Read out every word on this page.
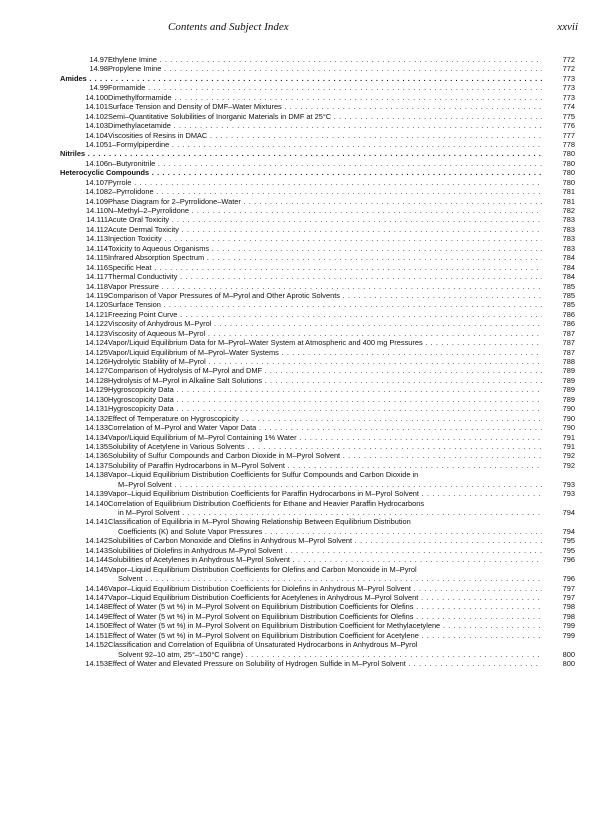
Contents and Subject Index	xxvii
14.97 Ethylene Imine . . .	772
14.98 Propylene Imine . . .	772
Amides . . .	773
14.99 Formamide . . .	773
14.100 Dimethylformamide . . .	773
14.101 Surface Tension and Density of DMF–Water Mixtures . . .	774
14.102 Semi–Quantitative Solubilities of Inorganic Materials in DMF at 25°C . . .	775
14.103 Dimethylacetamide . . .	776
14.104 Viscosities of Resins in DMAC . . .	777
14.105 1–Formylpiperdine . . .	778
Nitriles . . .	780
14.106 n–Butyronitrile . . .	780
Heterocyclic Compounds . . .	780
14.107 Pyrrole . . .	780
14.108 2–Pyrrolidone . . .	781
14.109 Phase Diagram for 2–Pyrrolidone–Water . . .	781
14.110 N–Methyl–2–Pyrrolidone . . .	782
14.111 Acute Oral Toxicity . . .	783
14.112 Acute Dermal Toxicity . . .	783
14.113 Injection Toxicity . . .	783
14.114 Toxicity to Aqueous Organisms . . .	783
14.115 Infrared Absorption Spectrum . . .	784
14.116 Specific Heat . . .	784
14.117 Thermal Conductivity . . .	784
14.118 Vapor Pressure . . .	785
14.119 Comparison of Vapor Pressures of M–Pyrol and Other Aprotic Solvents . . .	785
14.120 Surface Tension . . .	785
14.121 Freezing Point Curve . . .	786
14.122 Viscosity of Anhydrous M–Pyrol . . .	786
14.123 Viscosity of Aqueous M–Pyrol . . .	787
14.124 Vapor/Liquid Equilibrium Data for M–Pyrol–Water System at Atmospheric and 400 mg Pressures . . .	787
14.125 Vapor/Liquid Equilibrium of M–Pyrol–Water Systems . . .	787
14.126 Hydrolytic Stability of M–Pyrol . . .	788
14.127 Comparison of Hydrolysis of M–Pyrol and DMF . . .	789
14.128 Hydrolysis of M–Pyrol in Alkaline Salt Solutions . . .	789
14.129 Hygroscopicity Data . . .	789
14.130 Hygroscopicity Data . . .	789
14.131 Hygroscopicity Data . . .	790
14.132 Effect of Temperature on Hygroscopicity . . .	790
14.133 Correlation of M–Pyrol and Water Vapor Data . . .	790
14.134 Vapor/Liquid Equilibrium of M–Pyrol Containing 1% Water . . .	791
14.135 Solubility of Acetylene in Various Solvents . . .	791
14.136 Solubility of Sulfur Compounds and Carbon Dioxide in M–Pyrol Solvent . . .	792
14.137 Solubility of Paraffin Hydrocarbons in M–Pyrol Solvent . . .	792
14.138 Vapor–Liquid Equilibrium Distribution Coefficients for Sulfur Compounds and Carbon Dioxide in
M–Pyrol Solvent . . .	793
14.139 Vapor–Liquid Equilibrium Distribution Coefficients for Paraffin Hydrocarbons in M–Pyrol Solvent . . .	793
14.140 Correlation of Equilibrium Distribution Coefficients for Ethane and Heavier Paraffin Hydrocarbons
in M–Pyrol Solvent . . .	794
14.141 Classification of Equilibria in M–Pyrol Showing Relationship Between Equilibrium Distribution
Coefficients (K) and Solute Vapor Pressures . . .	794
14.142 Solubilities of Carbon Monoxide and Olefins in Anhydrous M–Pyrol Solvent . . .	795
14.143 Solubilities of Diolefins in Anhydrous M–Pyrol Solvent . . .	795
14.144 Solubilities of Acetylenes in Anhydrous M–Pyrol Solvent . . .	796
14.145 Vapor–Liquid Equilibrium Distribution Coefficients for Olefins and Carbon Monoxide in M–Pyrol
Solvent . . .	796
14.146 Vapor–Liquid Equilibrium Distribution Coefficients for Diolefins in Anhydrous M–Pyrol Solvent . . .	797
14.147 Vapor–Liquid Equilibrium Distribution Coefficients for Acetylenes in Anhydrous M–Pyrol Solvent . . .	797
14.148 Effect of Water (5 wt %) in M–Pyrol Solvent on Equilibrium Distribution Coefficients for Olefins . . .	798
14.149 Effect of Water (5 wt %) in M–Pyrol Solvent on Equilibrium Distribution Coefficients for Olefins . . .	798
14.150 Effect of Water (5 wt %) in M–Pyrol Solvent on Equilibrium Distribution Coefficient for Methylacetylene . . .	799
14.151 Effect of Water (5 wt %) in M–Pyrol Solvent on Equilibrium Distribution Coefficient for Acetylene . . .	799
14.152 Classification and Correlation of Equilibria of Unsaturated Hydrocarbons in Anhydrous M–Pyrol
Solvent 92–10 atm, 25°–150°C range) . . .	800
14.153 Effect of Water and Elevated Pressure on Solubility of Hydrogen Sulfide in M–Pyrol Solvent . . .	800
